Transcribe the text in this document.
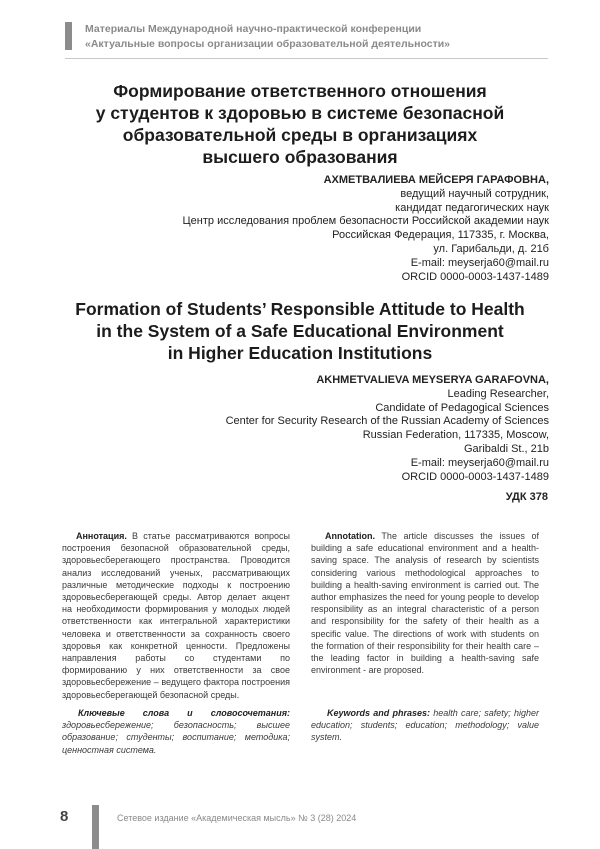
Материалы Международной научно-практической конференции
«Актуальные вопросы организации образовательной деятельности»
Формирование ответственного отношения
у студентов к здоровью в системе безопасной
образовательной среды в организациях
высшего образования
АХМЕТВАЛИЕВА МЕЙСЕРЯ ГАРАФОВНА,
ведущий научный сотрудник,
кандидат педагогических наук
Центр исследования проблем безопасности Российской академии наук
Российская Федерация, 117335, г. Москва,
ул. Гарибальди, д. 21б
E-mail: meyserja60@mail.ru
ORCID 0000-0003-1437-1489
Formation of Students’ Responsible Attitude to Health
in the System of a Safe Educational Environment
in Higher Education Institutions
AKHMETVALIEVA MEYSERYA GARAFOVNA,
Leading Researcher,
Candidate of Pedagogical Sciences
Center for Security Research of the Russian Academy of Sciences
Russian Federation, 117335, Moscow,
Garibaldi St., 21b
E-mail: meyserja60@mail.ru
ORCID 0000-0003-1437-1489
УДК 378

Аннотация. В статье рассматриваются вопросы построения безопасной образовательной среды, здоровьесберегающего пространства. Проводится анализ исследований ученых, рассматривающих различные методические подходы к построению здоровьесберегающей среды. Автор делает акцент на необходимости формирования у молодых людей ответственности как интегральной характеристики человека и ответственности за сохранность своего здоровья как конкретной ценности. Предложены направления работы со студентами по формированию у них ответственности за свое здоровьесбережение – ведущего фактора построения здоровьесберегающей безопасной среды.

Annotation. The article discusses the issues of building a safe educational environment and a health-saving space. The analysis of research by scientists considering various methodological approaches to building a health-saving environment is carried out. The author emphasizes the need for young people to develop responsibility as an integral characteristic of a person and responsibility for the safety of their health as a specific value. The directions of work with students on the formation of their responsibility for their health care – the leading factor in building a health-saving safe environment - are proposed.

Ключевые слова и словосочетания: здоровьесбережение; безопасность; высшее образование; студенты; воспитание; методика; ценностная система.
Keywords and phrases: health care; safety; higher education; students; education; methodology; value system.
8	Сетевое издание «Академическая мысль» № 3 (28) 2024
